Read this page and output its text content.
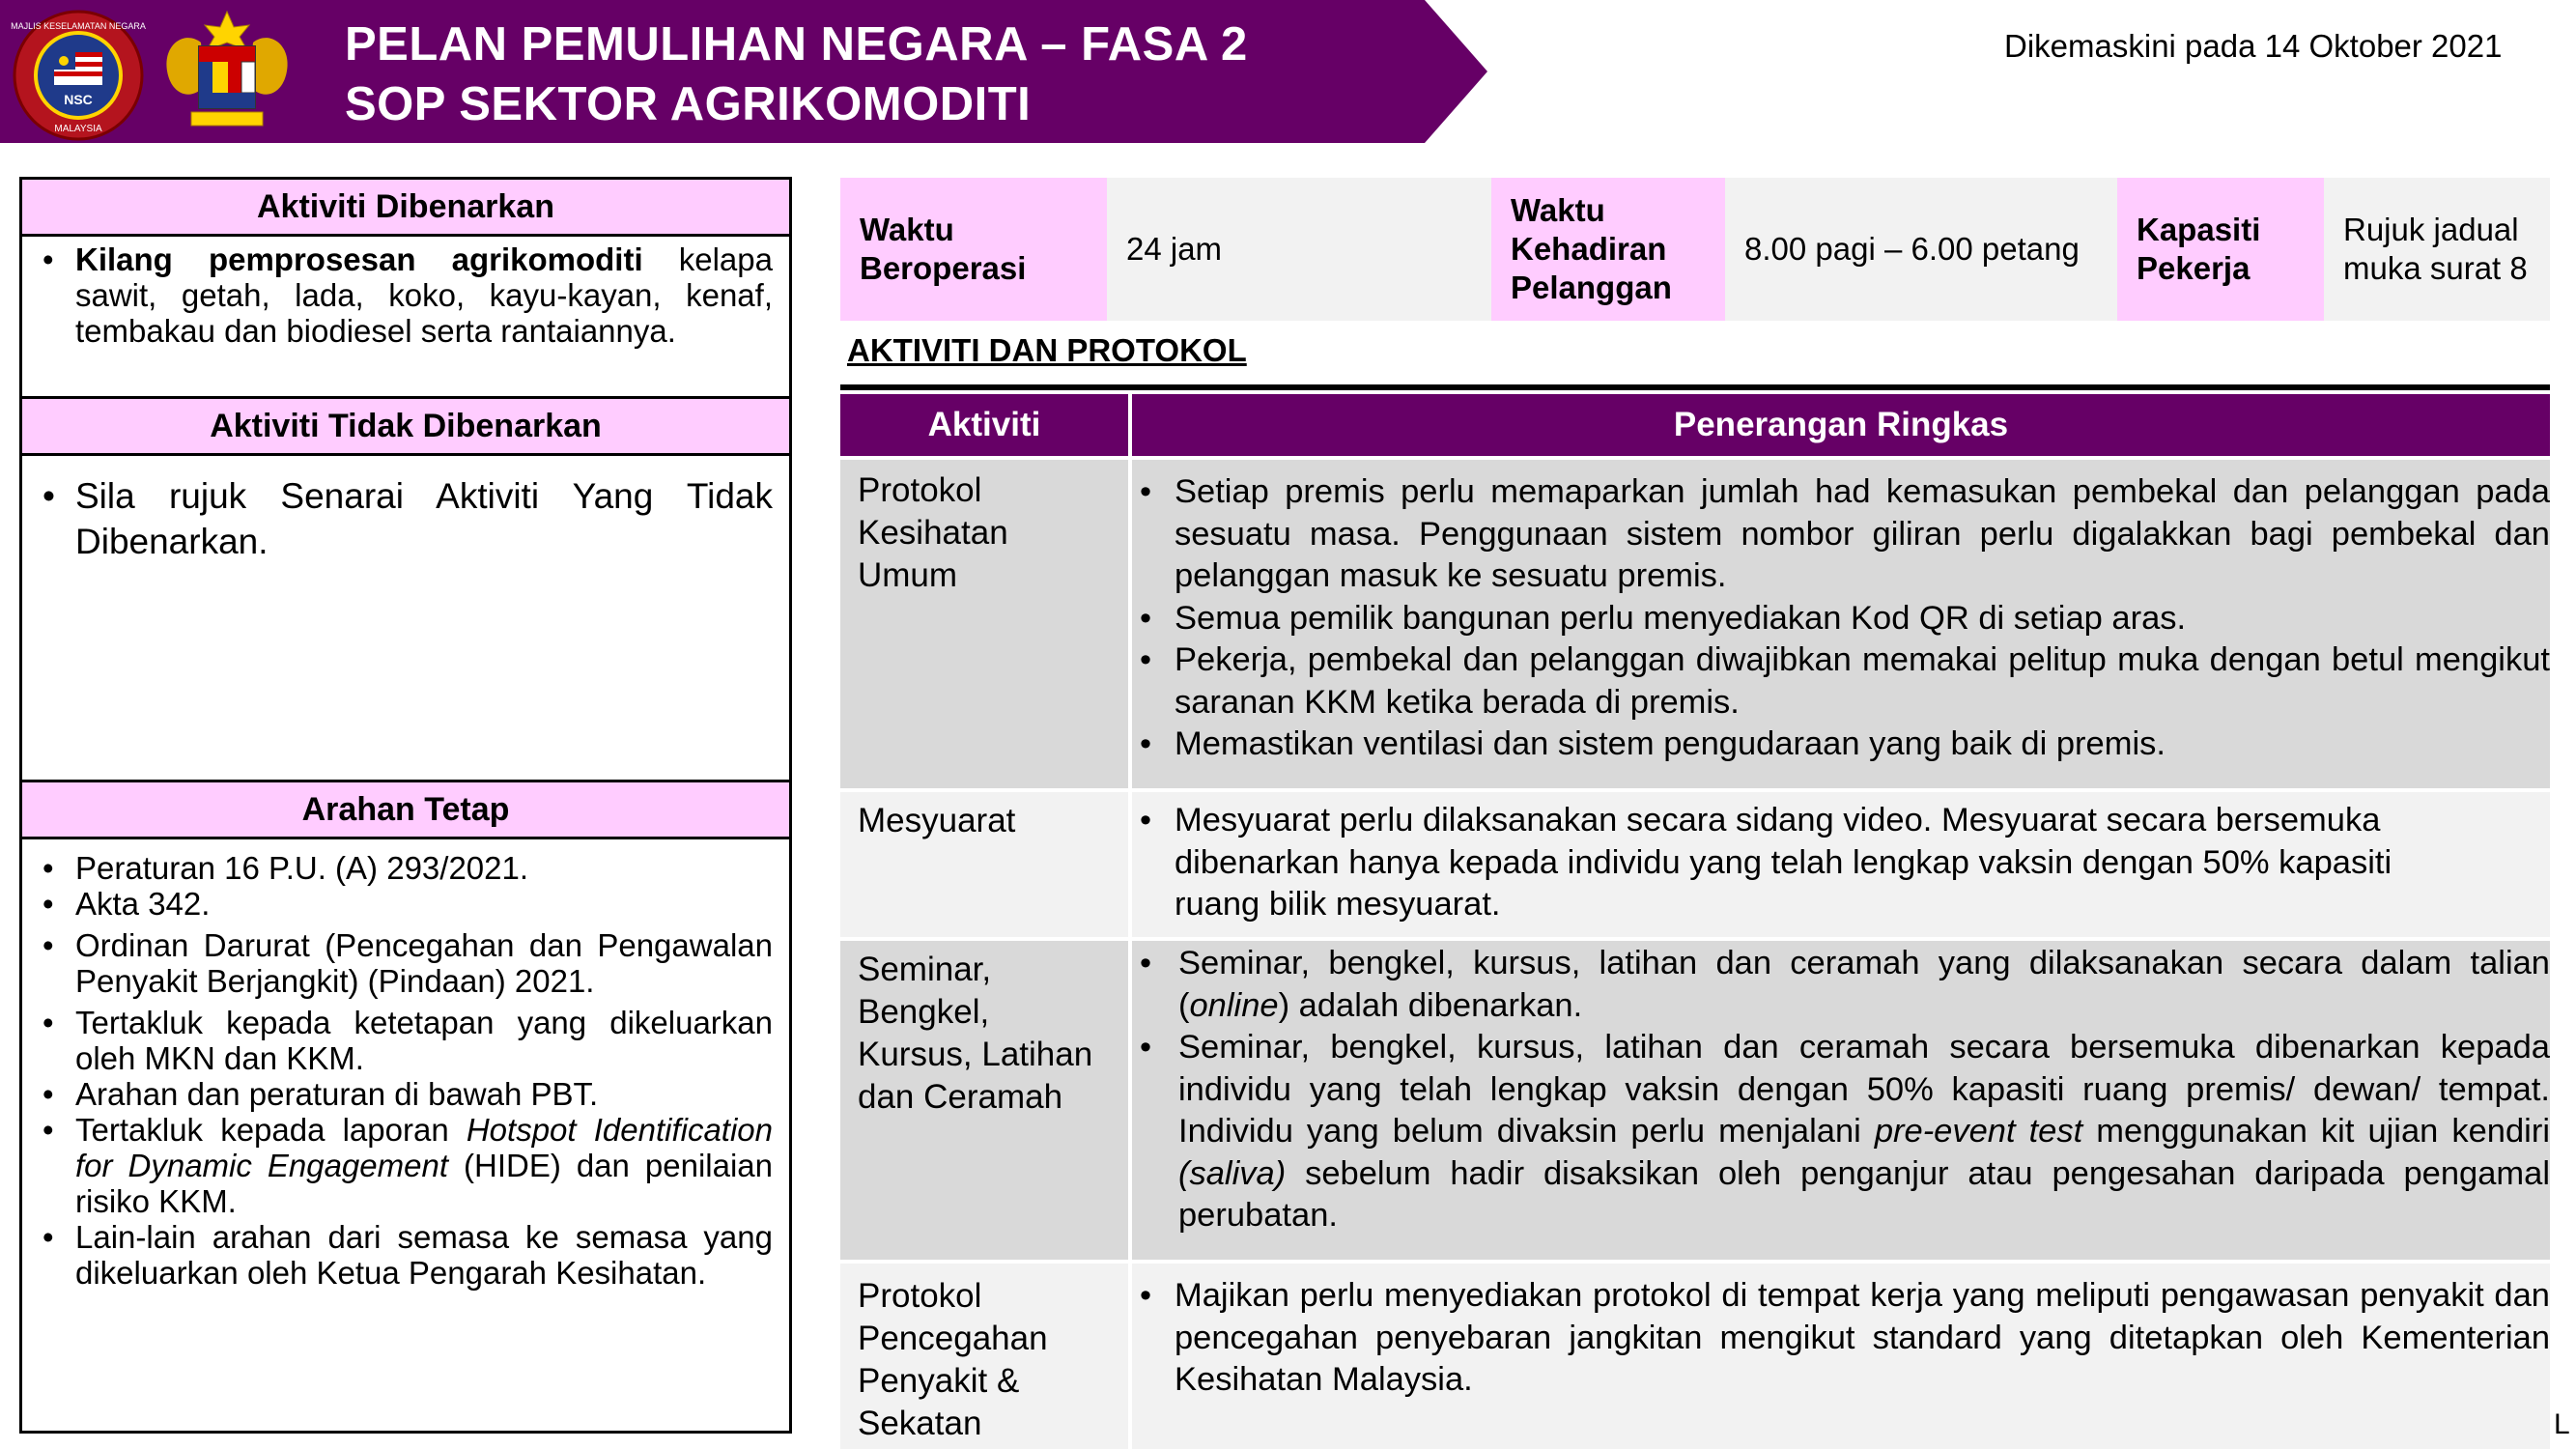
NSC
MALAYSIA
MAJLIS KESELAMATAN NEGARA	PELAN PEMULIHAN NEGARA – FASA 2
SOP SEKTOR AGRIKOMODITI
Dikemaskini pada 14 Oktober 2021
Aktiviti Dibenarkan
• Kilang pemprosesan agrikomoditi kelapa sawit, getah, lada, koko, kayu-kayan, kenaf, tembakau dan biodiesel serta rantaiannya.
Aktiviti Tidak Dibenarkan
• Sila rujuk Senarai Aktiviti Yang Tidak Dibenarkan.
Arahan Tetap
• Peraturan 16 P.U. (A) 293/2021.
• Akta 342.
• Ordinan Darurat (Pencegahan dan Pengawalan Penyakit Berjangkit) (Pindaan) 2021.
• Tertakluk kepada ketetapan yang dikeluarkan oleh MKN dan KKM.
• Arahan dan peraturan di bawah PBT.
• Tertakluk kepada laporan Hotspot Identification for Dynamic Engagement (HIDE) dan penilaian risiko KKM.
• Lain-lain arahan dari semasa ke semasa yang dikeluarkan oleh Ketua Pengarah Kesihatan.
Waktu Beroperasi
24 jam
Waktu Kehadiran Pelanggan
8.00 pagi – 6.00 petang
Kapasiti Pekerja
Rujuk jadual muka surat 8
AKTIVITI DAN PROTOKOL
Aktiviti	Penerangan Ringkas
Protokol Kesihatan Umum
• Setiap premis perlu memaparkan jumlah had kemasukan pembekal dan pelanggan pada sesuatu masa. Penggunaan sistem nombor giliran perlu digalakkan bagi pembekal dan pelanggan masuk ke sesuatu premis.
• Semua pemilik bangunan perlu menyediakan Kod QR di setiap aras.
• Pekerja, pembekal dan pelanggan diwajibkan memakai pelitup muka dengan betul mengikut saranan KKM ketika berada di premis.
• Memastikan ventilasi dan sistem pengudaraan yang baik di premis.
Mesyuarat
•	Mesyuarat perlu dilaksanakan secara sidang video. Mesyuarat secara bersemuka dibenarkan hanya kepada individu yang telah lengkap vaksin dengan 50% kapasiti ruang bilik mesyuarat.
Seminar, Bengkel, Kursus, Latihan dan Ceramah
• Seminar, bengkel, kursus, latihan dan ceramah yang dilaksanakan secara dalam talian (online) adalah dibenarkan.
• Seminar, bengkel, kursus, latihan dan ceramah secara bersemuka dibenarkan kepada individu yang telah lengkap vaksin dengan 50% kapasiti ruang premis/ dewan/ tempat. Individu yang belum divaksin perlu menjalani pre-event test menggunakan kit ujian kendiri (saliva) sebelum hadir disaksikan oleh penganjur atau pengesahan daripada pengamal perubatan.
Protokol Pencegahan Penyakit & Sekatan
• Majikan perlu menyediakan protokol di tempat kerja yang meliputi pengawasan penyakit dan pencegahan penyebaran jangkitan mengikut standard yang ditetapkan oleh Kementerian Kesihatan Malaysia.
L
